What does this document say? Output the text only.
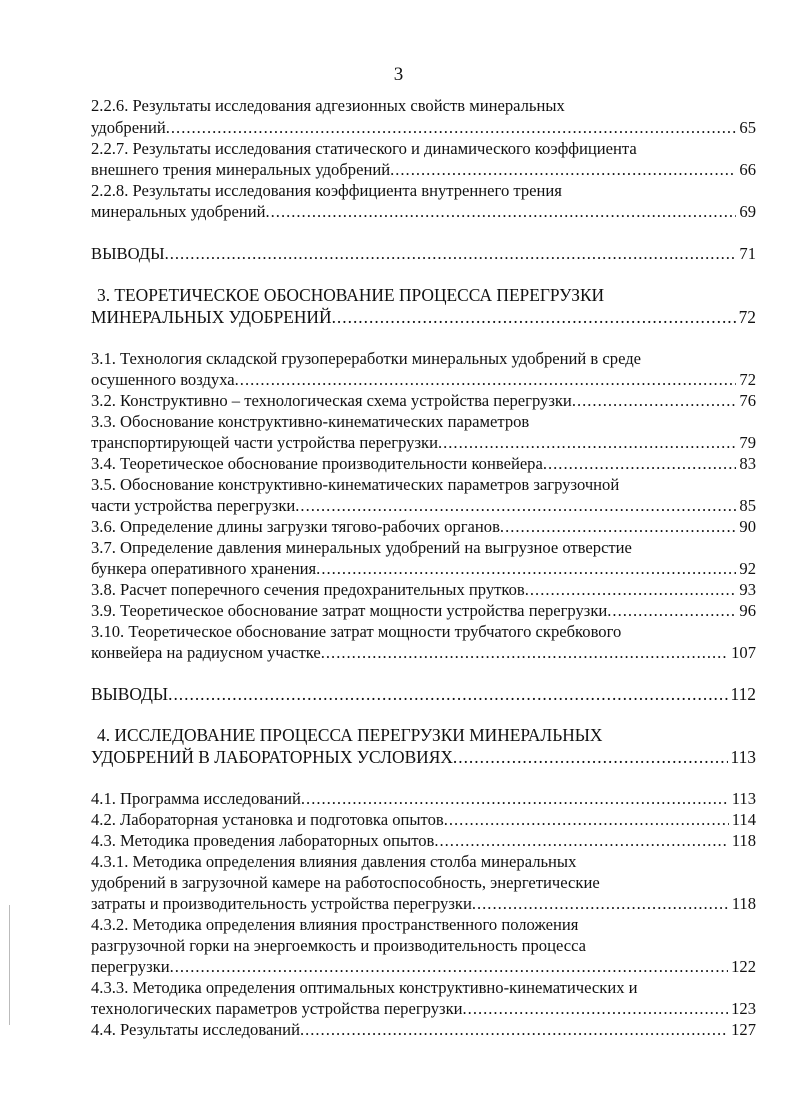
3
2.2.6. Результаты исследования адгезионных свойств минеральных
удобрений .....	65
2.2.7. Результаты исследования статического и динамического коэффициента
внешнего трения минеральных удобрений .....	66
2.2.8. Результаты исследования коэффициента внутреннего трения
минеральных удобрений .....	69
ВЫВОДЫ .....	71
3. ТЕОРЕТИЧЕСКОЕ ОБОСНОВАНИЕ ПРОЦЕССА ПЕРЕГРУЗКИ
МИНЕРАЛЬНЫХ УДОБРЕНИЙ .....	72
3.1. Технология складской грузопереработки минеральных удобрений в среде
осушенного воздуха .....	72
3.2. Конструктивно – технологическая схема устройства перегрузки .....	76
3.3. Обоснование конструктивно-кинематических параметров
транспортирующей части устройства перегрузки .....	79
3.4. Теоретическое обоснование производительности конвейера .....	83
3.5. Обоснование конструктивно-кинематических параметров загрузочной
части устройства перегрузки .....	85
3.6. Определение длины загрузки тягово-рабочих органов .....	90
3.7. Определение давления минеральных удобрений на выгрузное отверстие
бункера оперативного хранения .....	92
3.8. Расчет поперечного сечения предохранительных прутков .....	93
3.9. Теоретическое обоснование затрат мощности устройства перегрузки .....	96
3.10. Теоретическое обоснование затрат мощности трубчатого скребкового
конвейера на радиусном участке .....	107
ВЫВОДЫ .....	112
4. ИССЛЕДОВАНИЕ ПРОЦЕССА ПЕРЕГРУЗКИ МИНЕРАЛЬНЫХ
УДОБРЕНИЙ В ЛАБОРАТОРНЫХ УСЛОВИЯХ .....	113
4.1. Программа исследований .....	113
4.2. Лабораторная установка и подготовка опытов .....	114
4.3. Методика проведения лабораторных опытов .....	118
4.3.1. Методика определения влияния давления столба минеральных
удобрений в загрузочной камере на работоспособность, энергетические
затраты и производительность устройства перегрузки .....	118
4.3.2. Методика определения влияния пространственного положения
разгрузочной горки на энергоемкость и производительность процесса
перегрузки .....	122
4.3.3. Методика определения оптимальных конструктивно-кинематических и
технологических параметров устройства перегрузки .....	123
4.4. Результаты исследований .....	127
